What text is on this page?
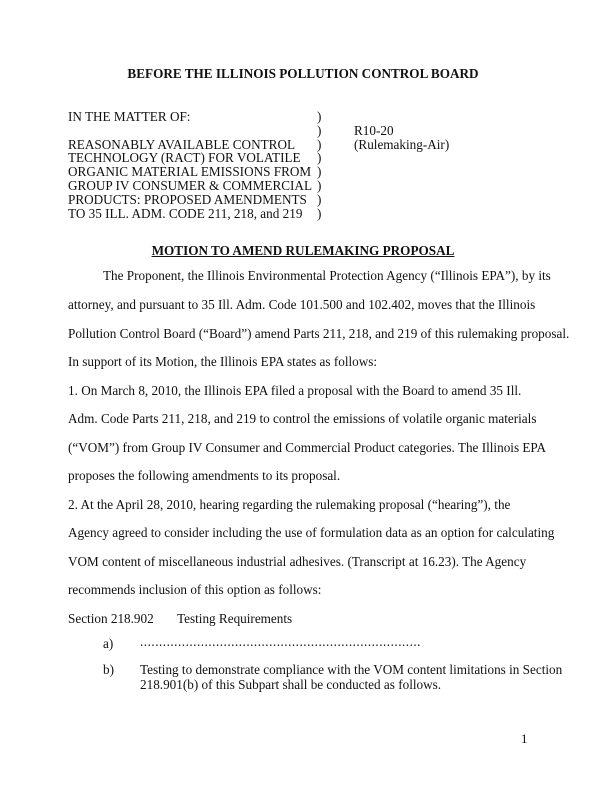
BEFORE THE ILLINOIS POLLUTION CONTROL BOARD
IN THE MATTER OF:
REASONABLY AVAILABLE CONTROL
TECHNOLOGY (RACT) FOR VOLATILE
ORGANIC MATERIAL EMISSIONS FROM
GROUP IV CONSUMER & COMMERCIAL
PRODUCTS: PROPOSED AMENDMENTS
TO 35 ILL. ADM. CODE 211, 218, and 219
)
)
)
)
)
)
)
)
R10-20
(Rulemaking-Air)
MOTION TO AMEND RULEMAKING PROPOSAL
The Proponent, the Illinois Environmental Protection Agency (“Illinois EPA”), by its
attorney, and pursuant to 35 Ill. Adm. Code 101.500 and 102.402, moves that the Illinois
Pollution Control Board (“Board”) amend Parts 211, 218, and 219 of this rulemaking proposal.
In support of its Motion, the Illinois EPA states as follows:
1. On March 8, 2010, the Illinois EPA filed a proposal with the Board to amend 35 Ill.
Adm. Code Parts 211, 218, and 219 to control the emissions of volatile organic materials
(“VOM”) from Group IV Consumer and Commercial Product categories. The Illinois EPA
proposes the following amendments to its proposal.
2. At the April 28, 2010, hearing regarding the rulemaking proposal (“hearing”), the
Agency agreed to consider including the use of formulation data as an option for calculating
VOM content of miscellaneous industrial adhesives. (Transcript at 16.23). The Agency
recommends inclusion of this option as follows:
Section 218.902 Testing Requirements
a) ..........................................................................
b) Testing to demonstrate compliance with the VOM content limitations in Section
218.901(b) of this Subpart shall be conducted as follows.
1
